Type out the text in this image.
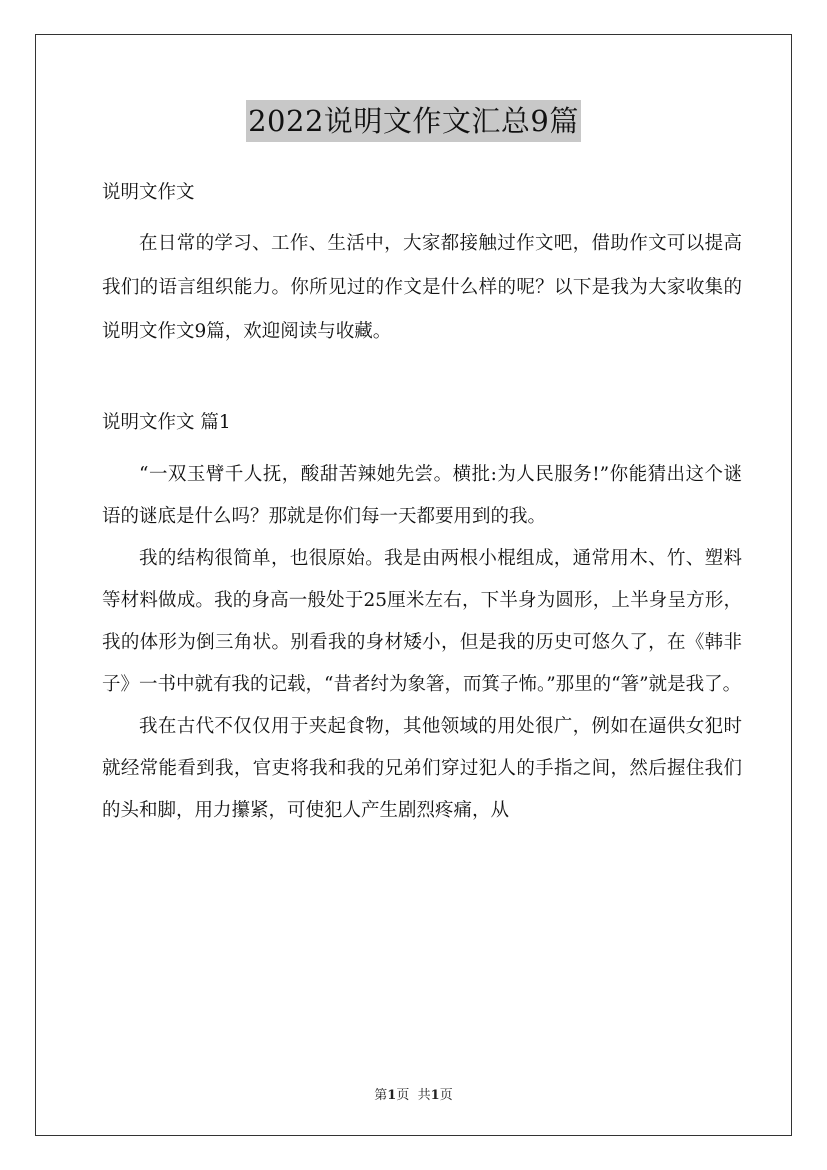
2022说明文作文汇总9篇

说明文作文

在日常的学习、工作、生活中，大家都接触过作文吧，借助作文可以提高我们的语言组织能力。你所见过的作文是什么样的呢？以下是我为大家收集的说明文作文9篇，欢迎阅读与收藏。

说明文作文 篇1

“一双玉臂千人抚，酸甜苦辣她先尝。横批:为人民服务!”你能猜出这个谜语的谜底是什么吗？那就是你们每一天都要用到的我。

我的结构很简单，也很原始。我是由两根小棍组成，通常用木、竹、塑料等材料做成。我的身高一般处于25厘米左右，下半身为圆形，上半身呈方形，我的体形为倒三角状。别看我的身材矮小，但是我的历史可悠久了，在《韩非子》一书中就有我的记载，“昔者纣为象箸，而箕子怖。”那里的“箸”就是我了。

我在古代不仅仅用于夹起食物，其他领域的用处很广，例如在逼供女犯时就经常能看到我，官吏将我和我的兄弟们穿过犯人的手指之间，然后握住我们的头和脚，用力攥紧，可使犯人产生剧烈疼痛，从

第1页 共1页
